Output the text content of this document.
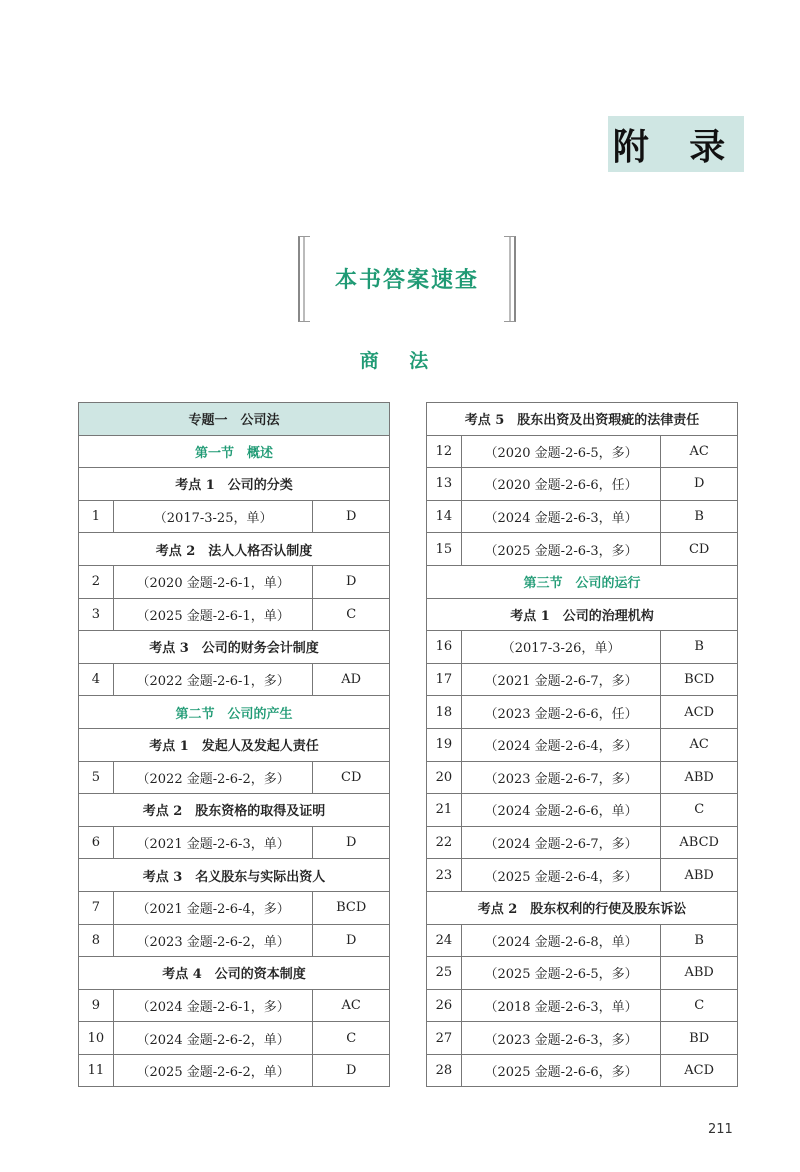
附 录
本书答案速查
商 法
专题一　公司法		
第一节　概述		
考点 1　公司的分类		
1	（2017-3-25，单）	D
考点 2　法人人格否认制度		
2	（2020 金题-2-6-1，单）	D
3	（2025 金题-2-6-1，单）	C
考点 3　公司的财务会计制度		
4	（2022 金题-2-6-1，多）	AD
第二节　公司的产生		
考点 1　发起人及发起人责任		
5	（2022 金题-2-6-2，多）	CD
考点 2　股东资格的取得及证明		
6	（2021 金题-2-6-3，单）	D
考点 3　名义股东与实际出资人		
7	（2021 金题-2-6-4，多）	BCD
8	（2023 金题-2-6-2，单）	D
考点 4　公司的资本制度		
9	（2024 金题-2-6-1，多）	AC
10	（2024 金题-2-6-2，单）	C
11	（2025 金题-2-6-2，单）	D
考点 5　股东出资及出资瑕疵的法律责任		
12	（2020 金题-2-6-5，多）	AC
13	（2020 金题-2-6-6，任）	D
14	（2024 金题-2-6-3，单）	B
15	（2025 金题-2-6-3，多）	CD
第三节　公司的运行		
考点 1　公司的治理机构		
16	（2017-3-26，单）	B
17	（2021 金题-2-6-7，多）	BCD
18	（2023 金题-2-6-6，任）	ACD
19	（2024 金题-2-6-4，多）	AC
20	（2023 金题-2-6-7，多）	ABD
21	（2024 金题-2-6-6，单）	C
22	（2024 金题-2-6-7，多）	ABCD
23	（2025 金题-2-6-4，多）	ABD
考点 2　股东权利的行使及股东诉讼		
24	（2024 金题-2-6-8，单）	B
25	（2025 金题-2-6-5，多）	ABD
26	（2018 金题-2-6-3，单）	C
27	（2023 金题-2-6-3，多）	BD
28	（2025 金题-2-6-6，多）	ACD
211
